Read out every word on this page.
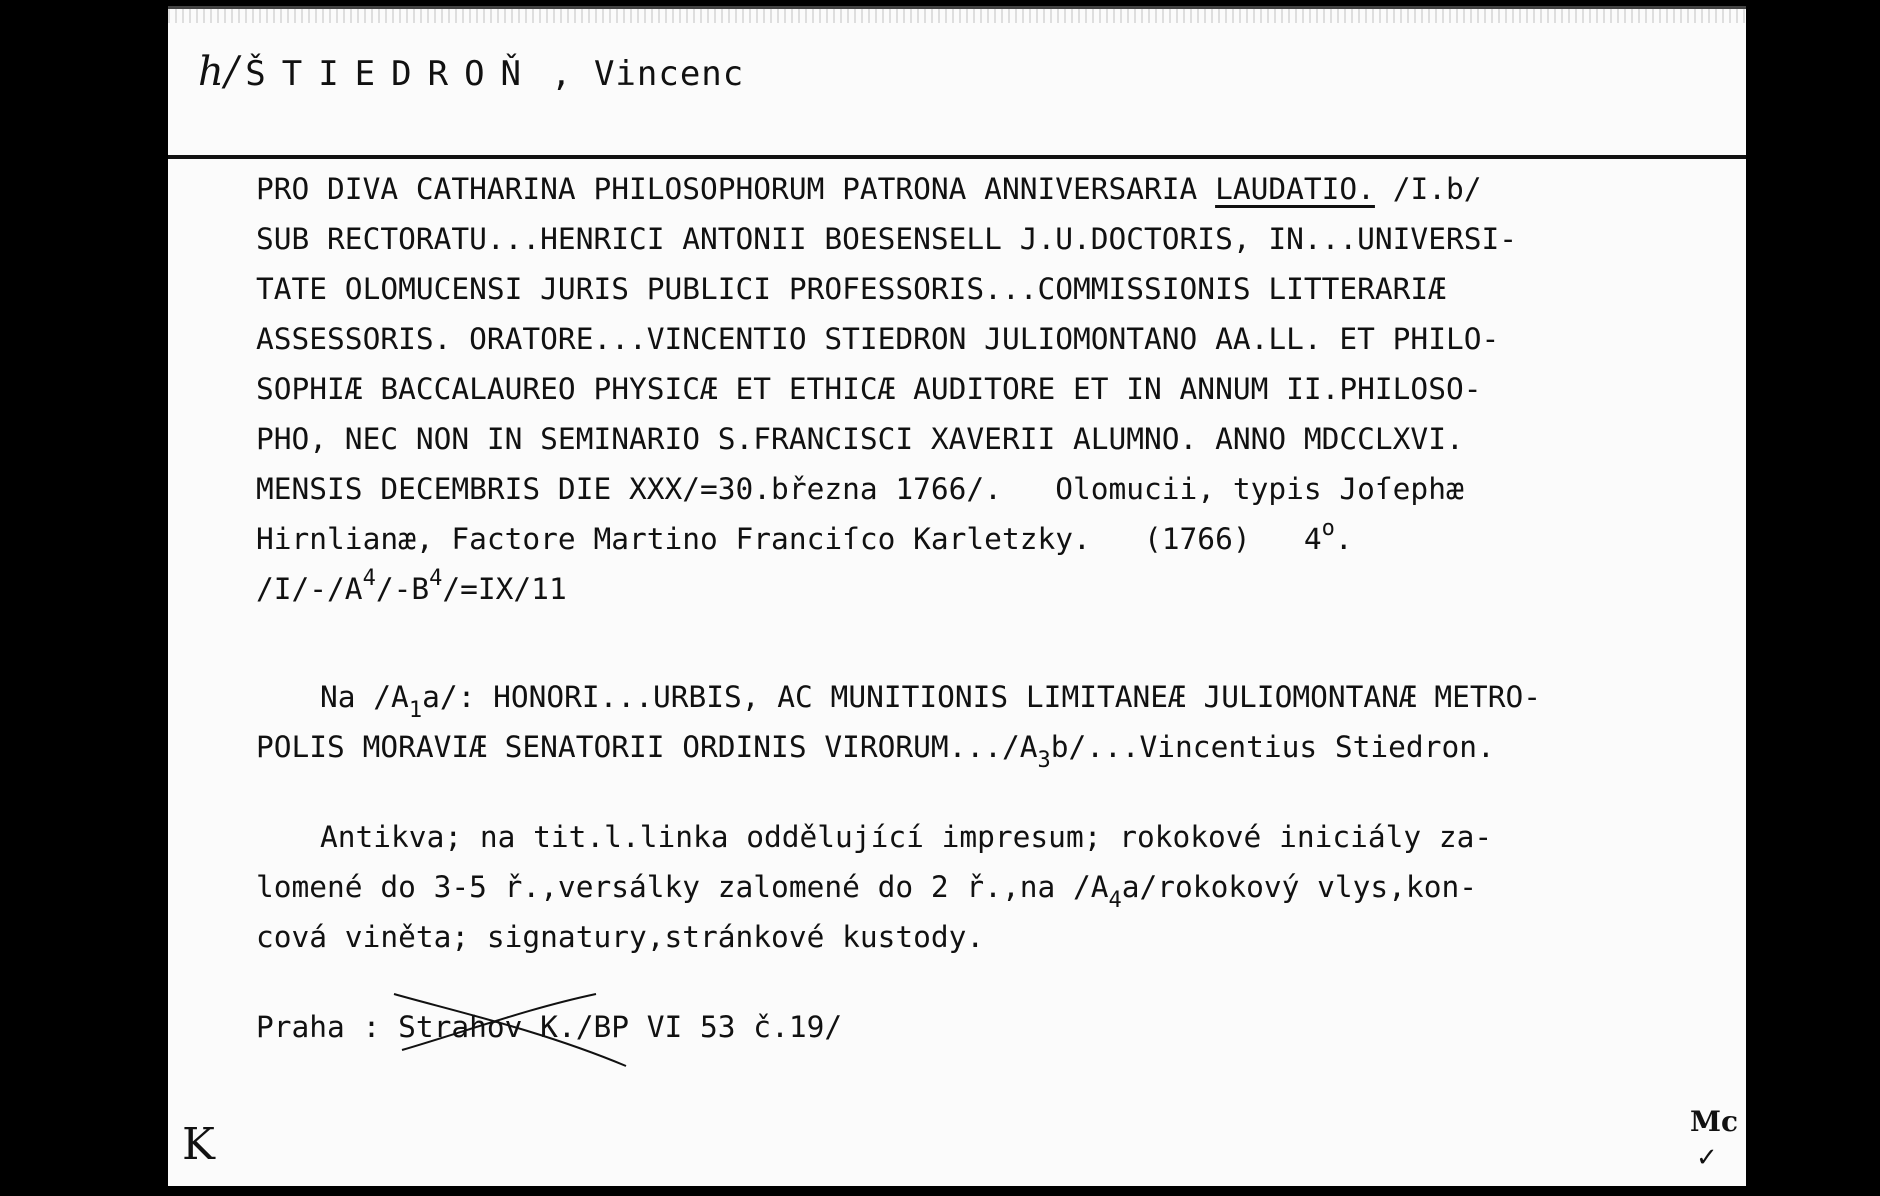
h/ ŠTIEDROŇ , Vincenc
PRO DIVA CATHARINA PHILOSOPHORUM PATRONA ANNIVERSARIA LAUDATIO. /I.b/
SUB RECTORATU...HENRICI ANTONII BOESENSELL J.U.DOCTORIS, IN...UNIVERSI-
TATE OLOMUCENSI JURIS PUBLICI PROFESSORIS...COMMISSIONIS LITTERARIÆ
ASSESSORIS. ORATORE...VINCENTIO STIEDRON JULIOMONTANO AA.LL. ET PHILO-
SOPHIÆ BACCALAUREO PHYSICÆ ET ETHICÆ AUDITORE ET IN ANNUM II.PHILOSO-
PHO, NEC NON IN SEMINARIO S.FRANCISCI XAVERII ALUMNO. ANNO MDCCLXVI.
MENSIS DECEMBRIS DIE XXX/=30.března 1766/.   Olomucii, typis Joſephæ
Hirnlianæ, Factore Martino Franciſco Karletzky.   (1766)   4$^o$.
$/I/-/A^4/-B^4/=IX/11$
Na $/A_1a/$: HONORI...URBIS, AC MUNITIONIS LIMITANEÆ JULIOMONTANÆ METRO-
POLIS MORAVIÆ SENATORII ORDINIS $VIRORUM.../A_3b/...Vincentius$ Stiedron.
Antikva; na tit.l.linka oddělující impresum; rokokové iniciály za-
lomené do 3-5 ř.,versálky zalomené do 2 ř.,na $/A_4a$/rokokový vlys,kon-
cová viněta; signatury,stránkové kustody.
Praha : Strahov K.
/BP VI 53 č.19/
K	Mc
✓
